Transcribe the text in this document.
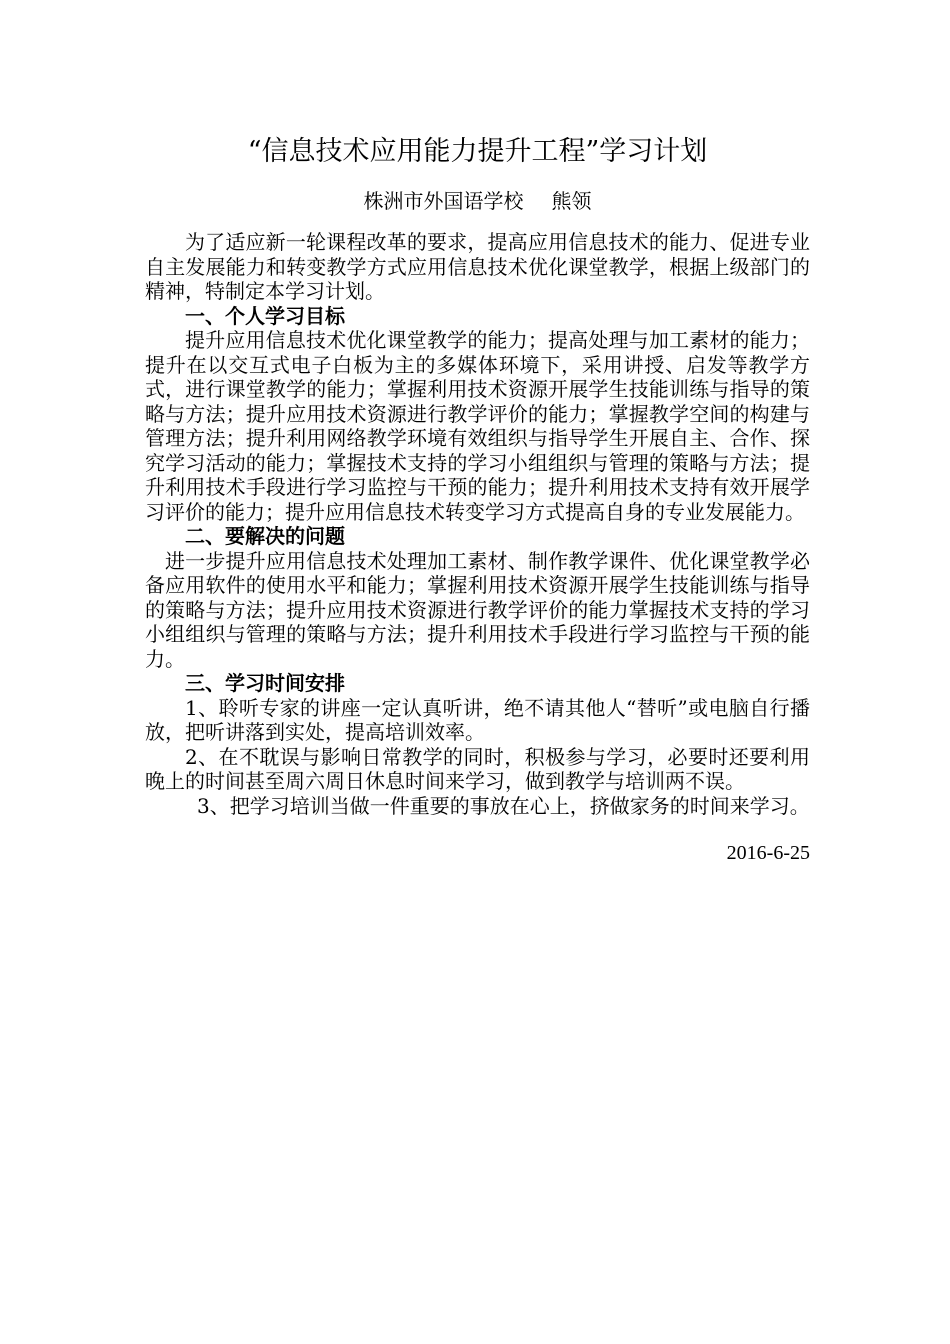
“信息技术应用能力提升工程”学习计划
株洲市外国语学校 熊领

为了适应新一轮课程改革的要求，提高应用信息技术的能力、促进专业自主发展能力和转变教学方式应用信息技术优化课堂教学，根据上级部门的精神，特制定本学习计划。

一、个人学习目标

提升应用信息技术优化课堂教学的能力；提高处理与加工素材的能力；提升在以交互式电子白板为主的多媒体环境下，采用讲授、启发等教学方式，进行课堂教学的能力；掌握利用技术资源开展学生技能训练与指导的策略与方法；提升应用技术资源进行教学评价的能力；掌握教学空间的构建与管理方法；提升利用网络教学环境有效组织与指导学生开展自主、合作、探究学习活动的能力；掌握技术支持的学习小组组织与管理的策略与方法；提升利用技术手段进行学习监控与干预的能力；提升利用技术支持有效开展学习评价的能力；提升应用信息技术转变学习方式提高自身的专业发展能力。

二、要解决的问题

进一步提升应用信息技术处理加工素材、制作教学课件、优化课堂教学必备应用软件的使用水平和能力；掌握利用技术资源开展学生技能训练与指导的策略与方法；提升应用技术资源进行教学评价的能力掌握技术支持的学习小组组织与管理的策略与方法；提升利用技术手段进行学习监控与干预的能力。

三、学习时间安排

1、聆听专家的讲座一定认真听讲，绝不请其他人“替听”或电脑自行播放，把听讲落到实处，提高培训效率。

2、在不耽误与影响日常教学的同时，积极参与学习，必要时还要利用晚上的时间甚至周六周日休息时间来学习，做到教学与培训两不误。

3、把学习培训当做一件重要的事放在心上，挤做家务的时间来学习。

2016-6-25
